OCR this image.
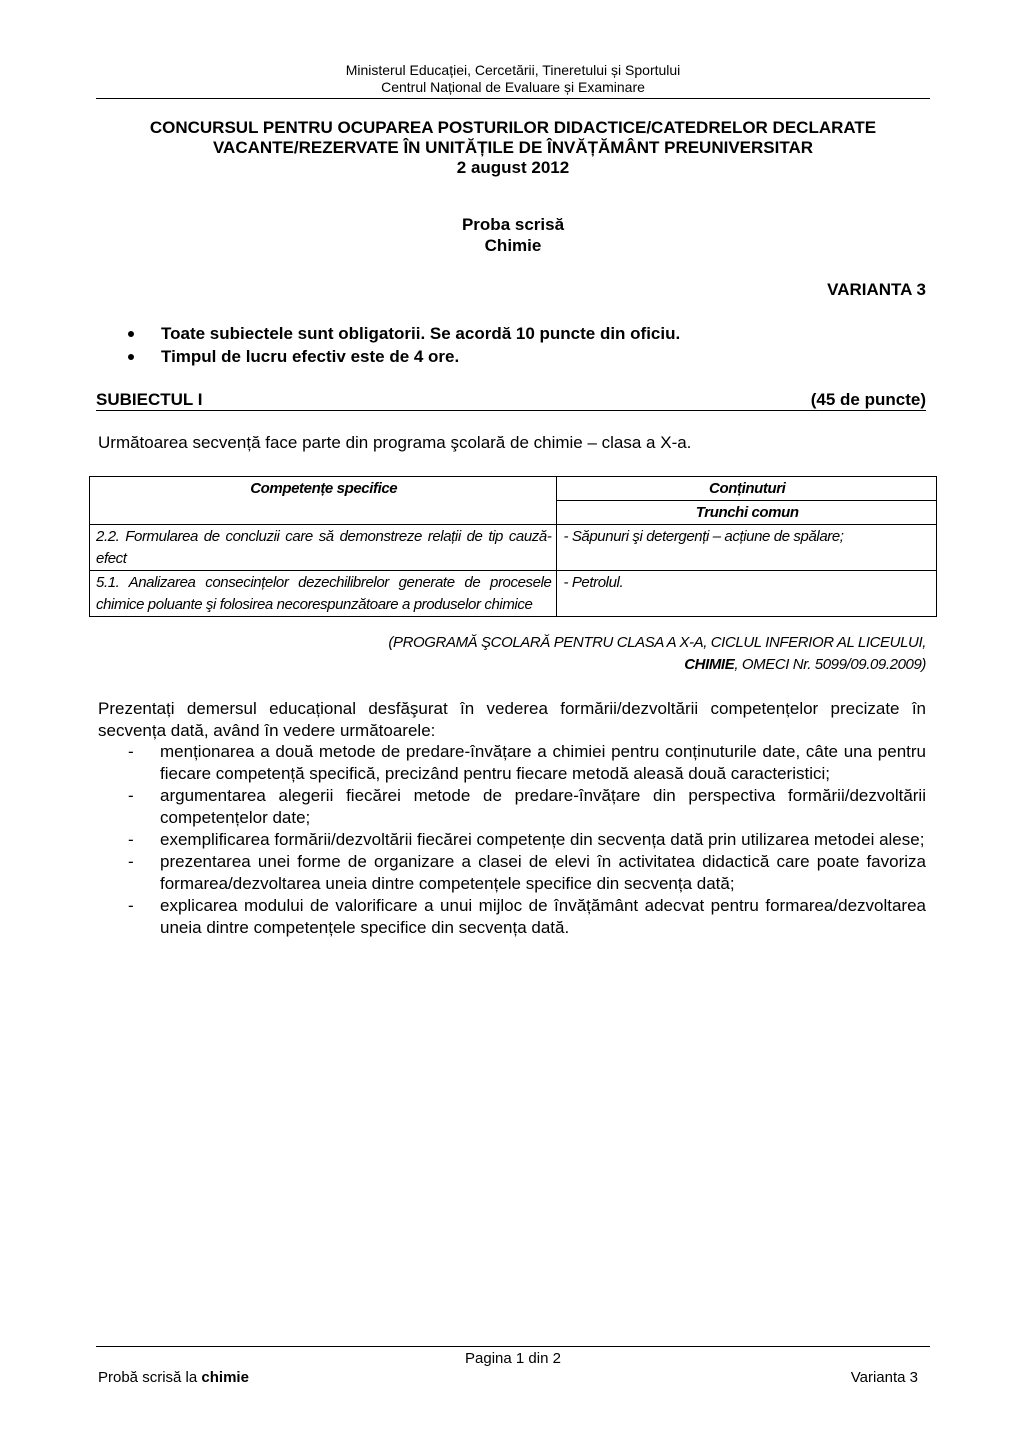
Ministerul Educației, Cercetării, Tineretului și Sportului
Centrul Național de Evaluare și Examinare
CONCURSUL PENTRU OCUPAREA POSTURILOR DIDACTICE/CATEDRELOR DECLARATE
VACANTE/REZERVATE ÎN UNITĂȚILE DE ÎNVĂȚĂMÂNT PREUNIVERSITAR
2 august 2012
Proba scrisă
Chimie
VARIANTA 3
Toate subiectele sunt obligatorii. Se acordă 10 puncte din oficiu.
Timpul de lucru efectiv este de 4 ore.
SUBIECTUL I	(45 de puncte)
Următoarea secvență face parte din programa şcolară de chimie – clasa a X-a.
Competențe specifice	Conținuturi
	Trunchi comun
2.2. Formularea de concluzii care să demonstreze relații de tip cauză-efect	- Săpunuri şi detergenți – acțiune de spălare;
5.1. Analizarea consecințelor dezechilibrelor generate de procesele chimice poluante şi folosirea necorespunzătoare a produselor chimice	- Petrolul.
(PROGRAMĂ ŞCOLARĂ PENTRU CLASA A X-A, CICLUL INFERIOR AL LICEULUI,
CHIMIE, OMECI Nr. 5099/09.09.2009)
Prezentați demersul educațional desfăşurat în vederea formării/dezvoltării competențelor precizate în secvența dată, având în vedere următoarele:
- menționarea a două metode de predare-învățare a chimiei pentru conținuturile date, câte una pentru fiecare competență specifică, precizând pentru fiecare metodă aleasă două caracteristici;
- argumentarea alegerii fiecărei metode de predare-învățare din perspectiva formării/dezvoltării competențelor date;
- exemplificarea formării/dezvoltării fiecărei competențe din secvența dată prin utilizarea metodei alese;
- prezentarea unei forme de organizare a clasei de elevi în activitatea didactică care poate favoriza formarea/dezvoltarea uneia dintre competențele specifice din secvența dată;
- explicarea modului de valorificare a unui mijloc de învățământ adecvat pentru formarea/dezvoltarea uneia dintre competențele specifice din secvența dată.
Pagina 1 din 2
Probă scrisă la chimie	Varianta 3
